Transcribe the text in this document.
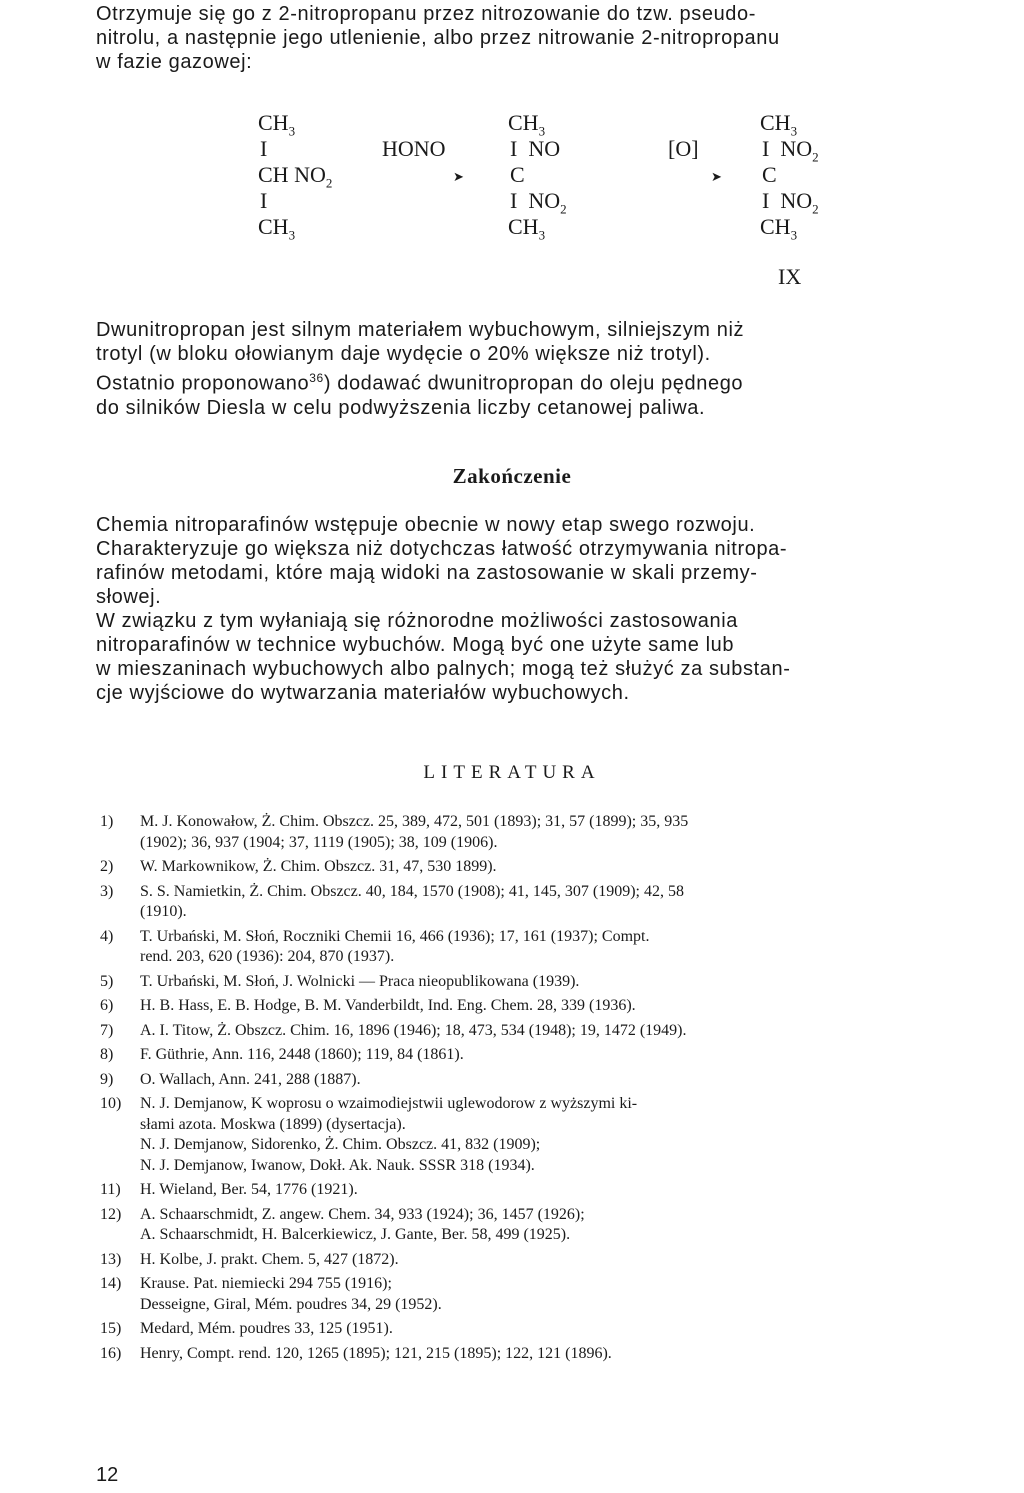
Otrzymuje się go z 2-nitropropanu przez nitrozowanie do tzw. pseudo-

nitrolu, a następnie jego utlenienie, albo przez nitrowanie 2-nitropropanu

w fazie gazowej:

$CH_3$
I
CH $NO_2$
I
$CH_3$
HONO
➤
$CH_3$
I NO
C
I $NO_2$
$CH_3$
[O]
➤
$CH_3$
I $NO_2$
C
I $NO_2$
$CH_3$
IX

Dwunitropropan jest silnym materiałem wybuchowym, silniejszym niż

trotyl (w bloku ołowianym daje wydęcie o 20% większe niż trotyl).

Ostatnio proponowano$^{36}$) dodawać dwunitropropan do oleju pędnego

do silników Diesla w celu podwyższenia liczby cetanowej paliwa.

Zakończenie

Chemia nitroparafinów wstępuje obecnie w nowy etap swego rozwoju.

Charakteryzuje go większa niż dotychczas łatwość otrzymywania nitropa-

rafinów metodami, które mają widoki na zastosowanie w skali przemy-

słowej.

W związku z tym wyłaniają się różnorodne możliwości zastosowania

nitroparafinów w technice wybuchów. Mogą być one użyte same lub

w mieszaninach wybuchowych albo palnych; mogą też służyć za substan-

cje wyjściowe do wytwarzania materiałów wybuchowych.

LITERATURA
1)	M. J. Konowałow, Ż. Chim. Obszcz. 25, 389, 472, 501 (1893); 31, 57 (1899); 35, 935
(1902); 36, 937 (1904; 37, 1119 (1905); 38, 109 (1906).
2)	W. Markownikow, Ż. Chim. Obszcz. 31, 47, 530 1899).
3)	S. S. Namietkin, Ż. Chim. Obszcz. 40, 184, 1570 (1908); 41, 145, 307 (1909); 42, 58
(1910).
4)	T. Urbański, M. Słoń, Roczniki Chemii 16, 466 (1936); 17, 161 (1937); Compt.
rend. 203, 620 (1936): 204, 870 (1937).
5)	T. Urbański, M. Słoń, J. Wolnicki — Praca nieopublikowana (1939).
6)	H. B. Hass, E. B. Hodge, B. M. Vanderbildt, Ind. Eng. Chem. 28, 339 (1936).
7)	A. I. Titow, Ż. Obszcz. Chim. 16, 1896 (1946); 18, 473, 534 (1948); 19, 1472 (1949).
8)	F. Güthrie, Ann. 116, 2448 (1860); 119, 84 (1861).
9)	O. Wallach, Ann. 241, 288 (1887).
10)	N. J. Demjanow, K woprosu o wzaimodiejstwii uglewodorow z wyższymi ki-
słami azota. Moskwa (1899) (dysertacja).
N. J. Demjanow, Sidorenko, Ż. Chim. Obszcz. 41, 832 (1909);
N. J. Demjanow, Iwanow, Dokł. Ak. Nauk. SSSR 318 (1934).
11)	H. Wieland, Ber. 54, 1776 (1921).
12)	A. Schaarschmidt, Z. angew. Chem. 34, 933 (1924); 36, 1457 (1926);
A. Schaarschmidt, H. Balcerkiewicz, J. Gante, Ber. 58, 499 (1925).
13)	H. Kolbe, J. prakt. Chem. 5, 427 (1872).
14)	Krause. Pat. niemiecki 294 755 (1916);
Desseigne, Giral, Mém. poudres 34, 29 (1952).
15)	Medard, Mém. poudres 33, 125 (1951).
16)	Henry, Compt. rend. 120, 1265 (1895); 121, 215 (1895); 122, 121 (1896).
12
